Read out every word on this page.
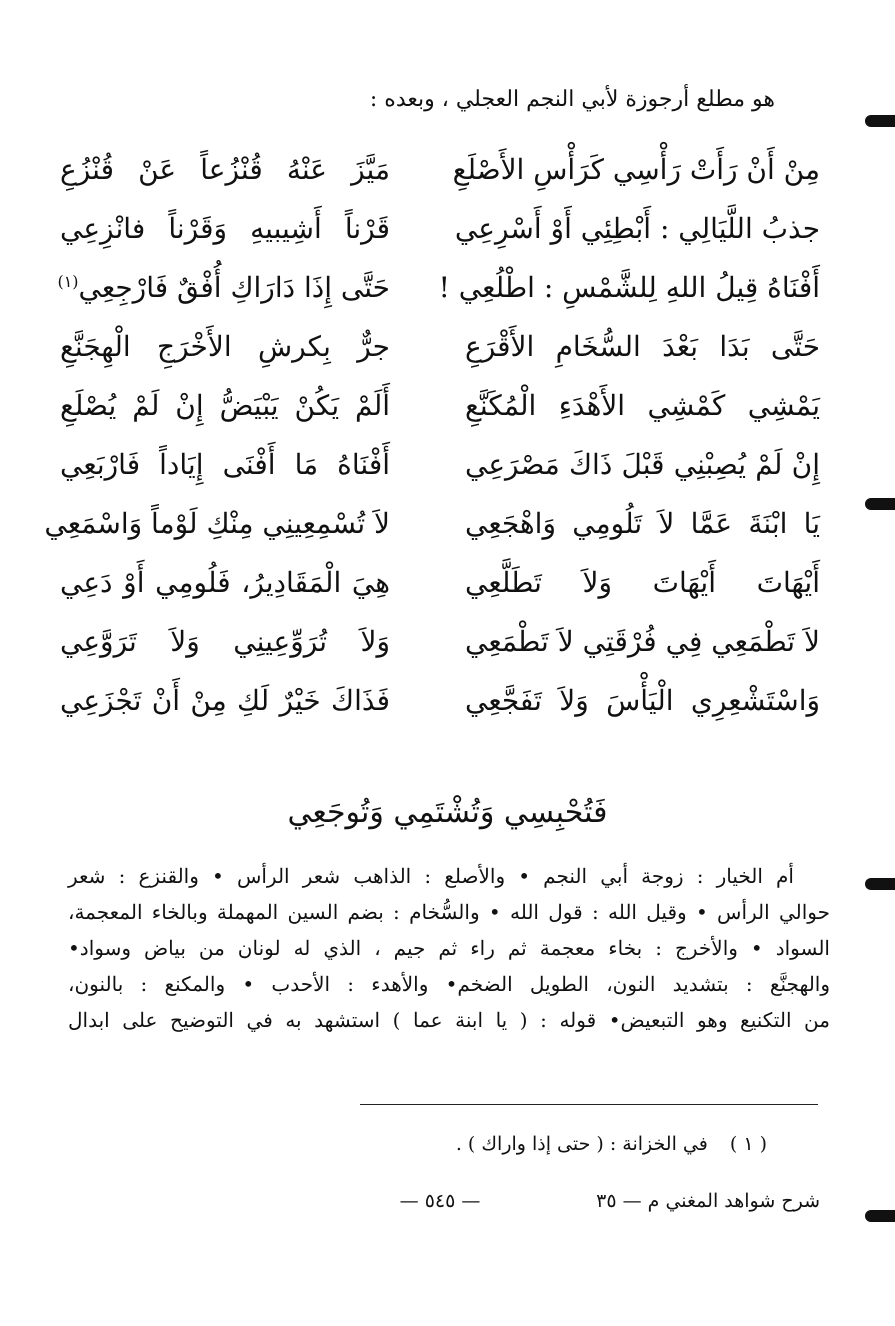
هو مطلع أرجوزة لأبي النجم العجلي ، وبعده :
مِنْ أَنْ رَأَتْ رَأْسِي كَرَأْسِ الأَصْلَعِ
مَيَّزَ عَنْهُ قُنْزُعاً عَنْ قُنْزُعِ
جذبُ اللَّيَالِي : أَبْطِئِي أَوْ أَسْرِعِي
قَرْناً أَشِيبيهِ وَقَرْناً فانْزِعِي
أَفْنَاهُ قِيلُ اللهِ لِلشَّمْسِ : اطْلُعِي !
حَتَّى إِذَا دَارَاكِ أُفْقٌ فَارْجِعِي$^{(١)}$
حَتَّى بَدَا بَعْدَ السُّخَامِ الأَقْرَعِ
جرٌّ بِكرشِ الأَخْرَجِ الْهِجَنَّعِ
يَمْشِي كَمْشِي الأَهْدَءِ الْمُكَنَّعِ
أَلَمْ يَكُنْ يَبْيَضُّ إِنْ لَمْ يُصْلَعِ
إِنْ لَمْ يُصِبْنِي قَبْلَ ذَاكَ مَصْرَعِي
أَفْنَاهُ مَا أَفْنَى إِيَاداً فَارْبَعِي
يَا ابْنَةَ عَمَّا لاَ تَلُومِي وَاهْجَعِي
لاَ تُسْمِعِينِي مِنْكِ لَوْماً وَاسْمَعِي
أَيْهَاتَ أَيْهَاتَ وَلاَ تَطَلَّعِي
هِيَ الْمَقَادِيرُ، فَلُومِي أَوْ دَعِي
لاَ تَطْمَعِي فِي فُرْقَتِي لاَ تَطْمَعِي
وَلاَ تُرَوِّعِينِي وَلاَ تَرَوَّعِي
وَاسْتَشْعِرِي الْيَأْسَ وَلاَ تَفَجَّعِي
فَذَاكَ خَيْرٌ لَكِ مِنْ أَنْ تَجْزَعِي
فَتُحْبِسِي وَتُشْتَمِي وَتُوجَعِي

أم الخيار : زوجة أبي النجم • والأصلع : الذاهب شعر الرأس • والقنزع : شعر

حوالي الرأس • وقيل الله : قول الله • والسُّخام : بضم السين المهملة وبالخاء المعجمة،

السواد • والأخرج : بخاء معجمة ثم راء ثم جيم ، الذي له لونان من بياض وسواد•

والهجنَّع : بتشديد النون، الطويل الضخم• والأهدء : الأحدب • والمكنع : بالنون،

من التكنيع وهو التبعيض• قوله : ( يا ابنة عما ) استشهد به في التوضيح على ابدال

( ١ ) في الخزانة : ( حتى إذا واراك ) .
شرح شواهد المغني م — ٣٥
— ٥٤٥ —
